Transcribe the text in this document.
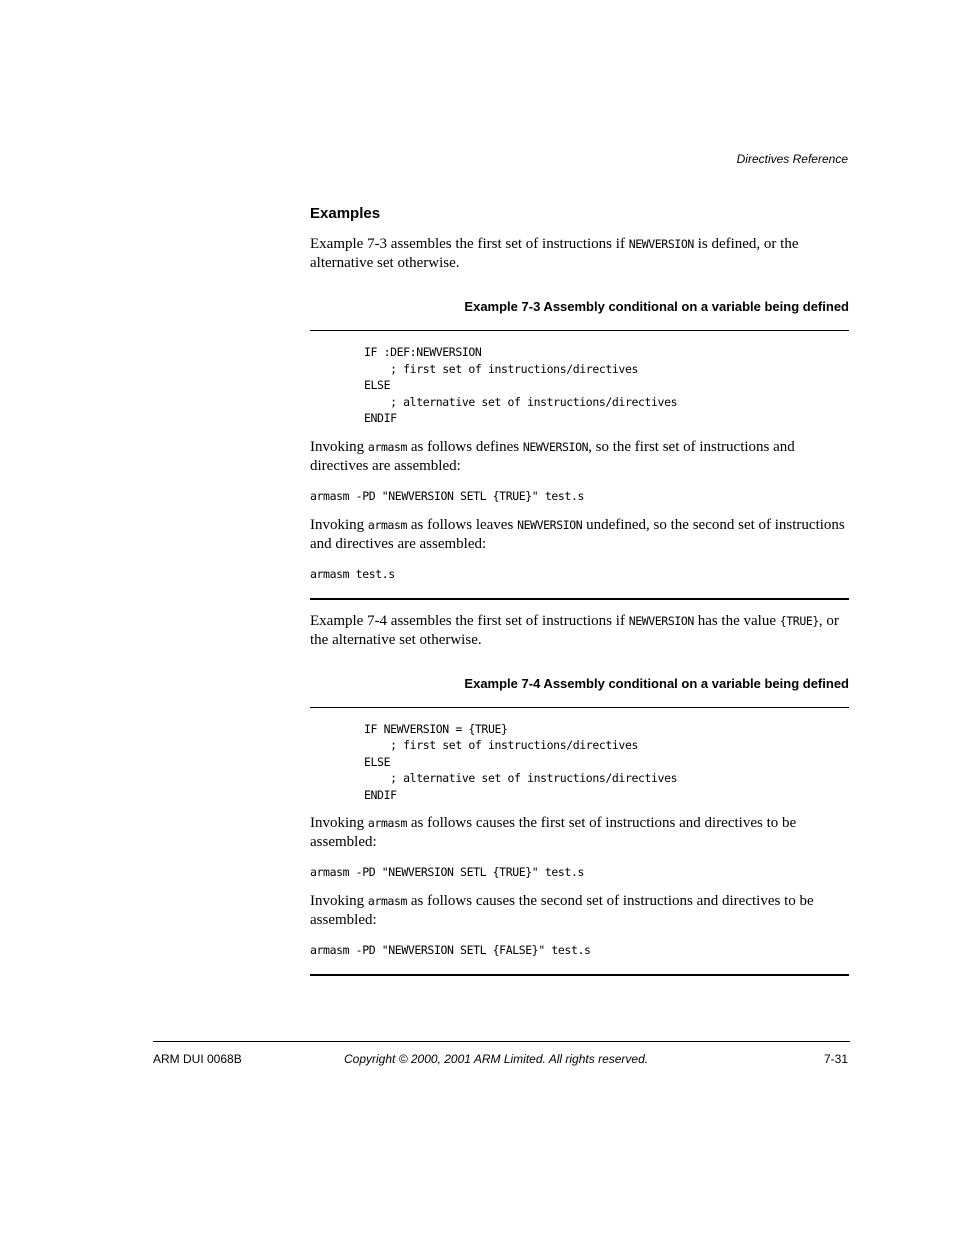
Directives Reference
Examples

Example 7-3 assembles the first set of instructions if NEWVERSION is defined, or the alternative set otherwise.

Example 7-3 Assembly conditional on a variable being defined

IF :DEF:NEWVERSION
; first set of instructions/directives
ELSE
; alternative set of instructions/directives
ENDIF

Invoking armasm as follows defines NEWVERSION, so the first set of instructions and directives are assembled:

armasm -PD "NEWVERSION SETL {TRUE}" test.s

Invoking armasm as follows leaves NEWVERSION undefined, so the second set of instructions and directives are assembled:

armasm test.s

Example 7-4 assembles the first set of instructions if NEWVERSION has the value {TRUE}, or the alternative set otherwise.

Example 7-4 Assembly conditional on a variable being defined

IF NEWVERSION = {TRUE}
; first set of instructions/directives
ELSE
; alternative set of instructions/directives
ENDIF

Invoking armasm as follows causes the first set of instructions and directives to be assembled:

armasm -PD "NEWVERSION SETL {TRUE}" test.s

Invoking armasm as follows causes the second set of instructions and directives to be assembled:

armasm -PD "NEWVERSION SETL {FALSE}" test.s
ARM DUI 0068B	Copyright © 2000, 2001 ARM Limited. All rights reserved.	7-31
